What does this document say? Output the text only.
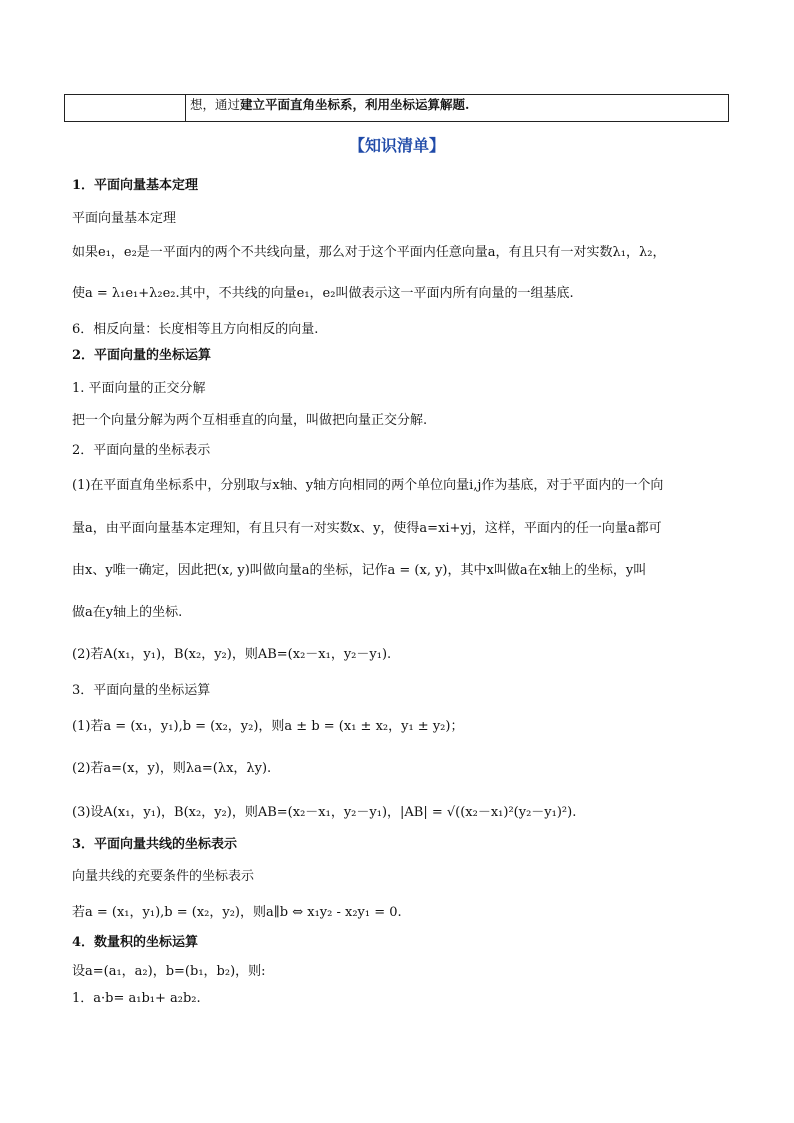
想，通过建立平面直角坐标系，利用坐标运算解题.
【知识清单】
1．平面向量基本定理
平面向量基本定理
如果e₁，e₂是一平面内的两个不共线向量，那么对于这个平面内任意向量a，有且只有一对实数λ₁，λ₂，
使a = λ₁e₁+λ₂e₂.其中，不共线的向量e₁，e₂叫做表示这一平面内所有向量的一组基底.
6．相反向量：长度相等且方向相反的向量.
2．平面向量的坐标运算
1. 平面向量的正交分解
把一个向量分解为两个互相垂直的向量，叫做把向量正交分解.
2．平面向量的坐标表示
(1)在平面直角坐标系中，分别取与x轴、y轴方向相同的两个单位向量i,j作为基底，对于平面内的一个向
量a，由平面向量基本定理知，有且只有一对实数x、y，使得a=xi+yj，这样，平面内的任一向量a都可
由x、y唯一确定，因此把(x, y)叫做向量a的坐标，记作a = (x, y)，其中x叫做a在x轴上的坐标，y叫
做a在y轴上的坐标.
(2)若A(x₁，y₁)，B(x₂，y₂)，则AB=(x₂－x₁，y₂－y₁).
3．平面向量的坐标运算
(1)若a = (x₁，y₁),b = (x₂，y₂)，则a ± b = (x₁ ± x₂，y₁ ± y₂)；
(2)若a=(x，y)，则λa=(λx，λy).
(3)设A(x₁，y₁)，B(x₂，y₂)，则AB=(x₂－x₁，y₂－y₁)，|AB| = √((x₂－x₁)²(y₂－y₁)²).
3．平面向量共线的坐标表示
向量共线的充要条件的坐标表示
若a = (x₁，y₁),b = (x₂，y₂)，则a∥b ⇔ x₁y₂ - x₂y₁ = 0.
4．数量积的坐标运算
设a=(a₁，a₂)，b=(b₁，b₂)，则:
1．a·b= a₁b₁+ a₂b₂.
